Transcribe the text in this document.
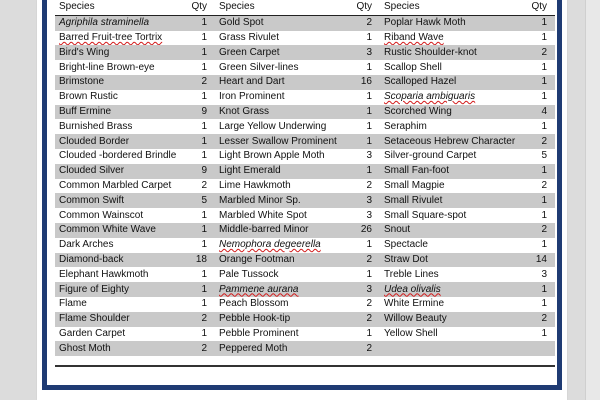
Species	Qty	Species	Qty	Species	Qty
Agriphila straminella	1	Gold Spot	2	Poplar Hawk Moth	1
Barred Fruit-tree Tortrix	1	Grass Rivulet	1	Riband Wave	1
Bird's Wing	1	Green Carpet	3	Rustic Shoulder-knot	2
Bright-line Brown-eye	1	Green Silver-lines	1	Scallop Shell	1
Brimstone	2	Heart and Dart	16	Scalloped Hazel	1
Brown Rustic	1	Iron Prominent	1	Scoparia ambiguaris	1
Buff Ermine	9	Knot Grass	1	Scorched Wing	4
Burnished Brass	1	Large Yellow Underwing	1	Seraphim	1
Clouded Border	1	Lesser Swallow Prominent	1	Setaceous Hebrew Character	2
Clouded -bordered Brindle	1	Light Brown Apple Moth	3	Silver-ground Carpet	5
Clouded Silver	9	Light Emerald	1	Small Fan-foot	1
Common Marbled Carpet	2	Lime Hawkmoth	2	Small Magpie	2
Common Swift	5	Marbled Minor Sp.	3	Small Rivulet	1
Common Wainscot	1	Marbled White Spot	3	Small Square-spot	1
Common White Wave	1	Middle-barred Minor	26	Snout	2
Dark Arches	1	Nemophora degeerella	1	Spectacle	1
Diamond-back	18	Orange Footman	2	Straw Dot	14
Elephant Hawkmoth	1	Pale Tussock	1	Treble Lines	3
Figure of Eighty	1	Pammene aurana	3	Udea olivalis	1
Flame	1	Peach Blossom	2	White Ermine	1
Flame Shoulder	2	Pebble Hook-tip	2	Willow Beauty	2
Garden Carpet	1	Pebble Prominent	1	Yellow Shell	1
Ghost Moth	2	Peppered Moth	2		
